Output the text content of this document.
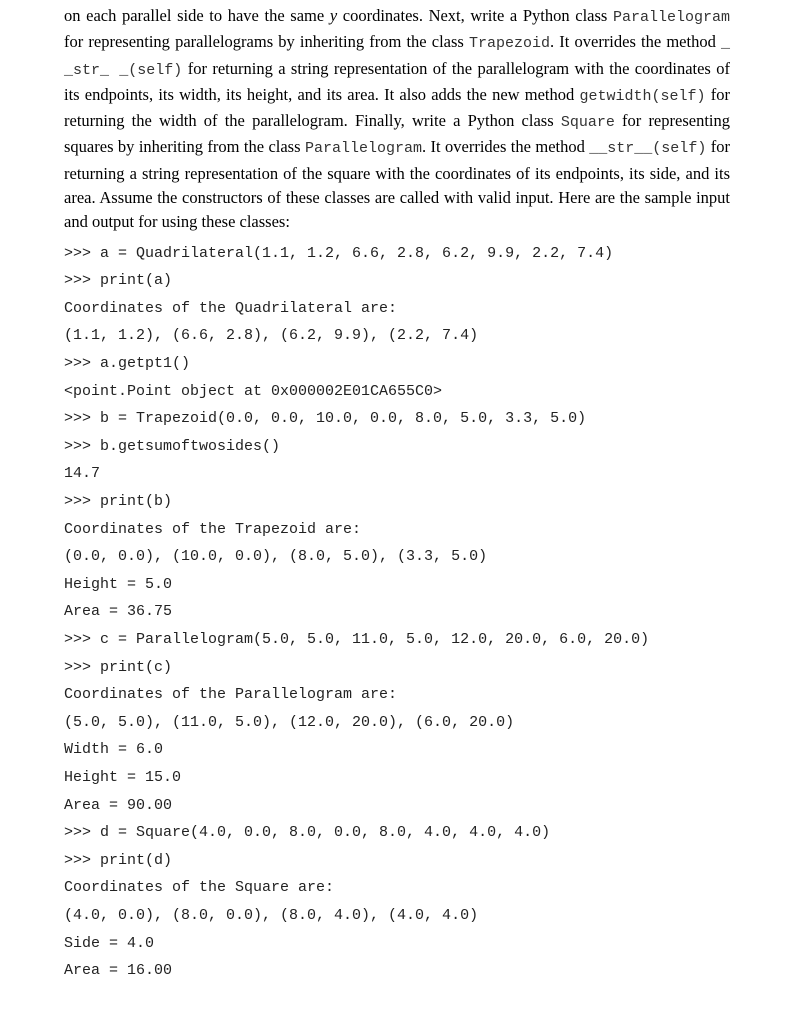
on each parallel side to have the same y coordinates. Next, write a Python class Parallelogram for representing parallelograms by inheriting from the class Trapezoid. It overrides the method _ _str_ _(self) for returning a string representation of the parallelogram with the coordinates of its endpoints, its width, its height, and its area. It also adds the new method getwidth(self) for returning the width of the parallelogram. Finally, write a Python class Square for representing squares by inheriting from the class Parallelogram. It overrides the method __str__(self) for returning a string representation of the square with the coordinates of its endpoints, its side, and its area. Assume the constructors of these classes are called with valid input. Here are the sample input and output for using these classes:

>>> a = Quadrilateral(1.1, 1.2, 6.6, 2.8, 6.2, 9.9, 2.2, 7.4)
>>> print(a)
Coordinates of the Quadrilateral are:
(1.1, 1.2), (6.6, 2.8), (6.2, 9.9), (2.2, 7.4)
>>> a.getpt1()
<point.Point object at 0x000002E01CA655C0>
>>> b = Trapezoid(0.0, 0.0, 10.0, 0.0, 8.0, 5.0, 3.3, 5.0)
>>> b.getsumoftwosides()
14.7
>>> print(b)
Coordinates of the Trapezoid are:
(0.0, 0.0), (10.0, 0.0), (8.0, 5.0), (3.3, 5.0)
Height = 5.0
Area = 36.75
>>> c = Parallelogram(5.0, 5.0, 11.0, 5.0, 12.0, 20.0, 6.0, 20.0)
>>> print(c)
Coordinates of the Parallelogram are:
(5.0, 5.0), (11.0, 5.0), (12.0, 20.0), (6.0, 20.0)
Width = 6.0
Height = 15.0
Area = 90.00
>>> d = Square(4.0, 0.0, 8.0, 0.0, 8.0, 4.0, 4.0, 4.0)
>>> print(d)
Coordinates of the Square are:
(4.0, 0.0), (8.0, 0.0), (8.0, 4.0), (4.0, 4.0)
Side = 4.0
Area = 16.00
